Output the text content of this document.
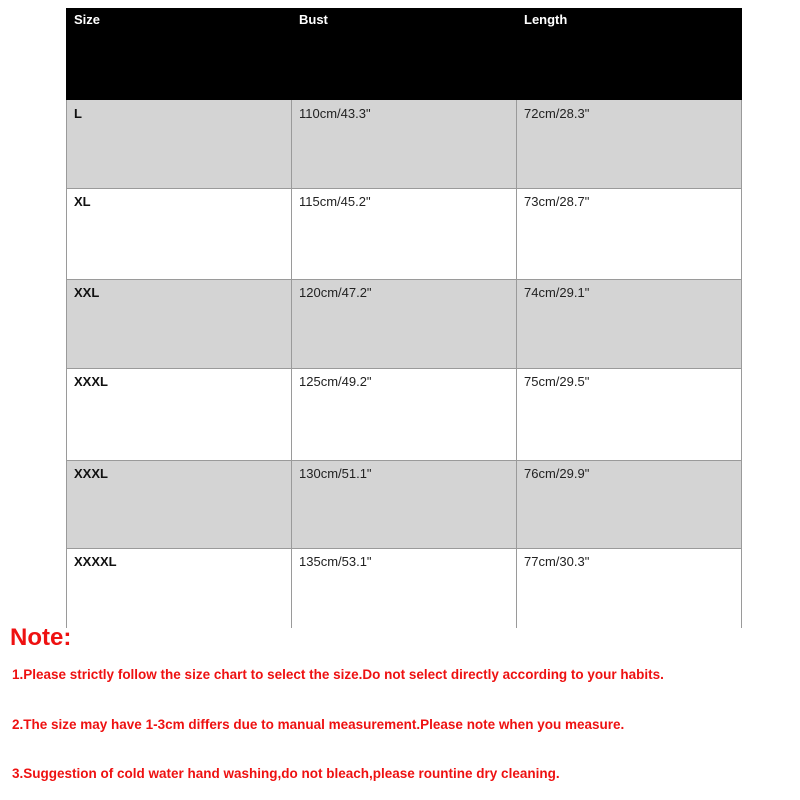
Size	Bust	Length
L	110cm/43.3"	72cm/28.3"
XL	115cm/45.2"	73cm/28.7"
XXL	120cm/47.2"	74cm/29.1"
XXXL	125cm/49.2"	75cm/29.5"
XXXL	130cm/51.1"	76cm/29.9"
XXXXL	135cm/53.1"	77cm/30.3"
Note:
1.Please strictly follow the size chart to select the size.Do not select directly according to your habits.
2.The size may have 1-3cm differs due to manual measurement.Please note when you measure.
3.Suggestion of cold water hand washing,do not bleach,please rountine dry cleaning.
